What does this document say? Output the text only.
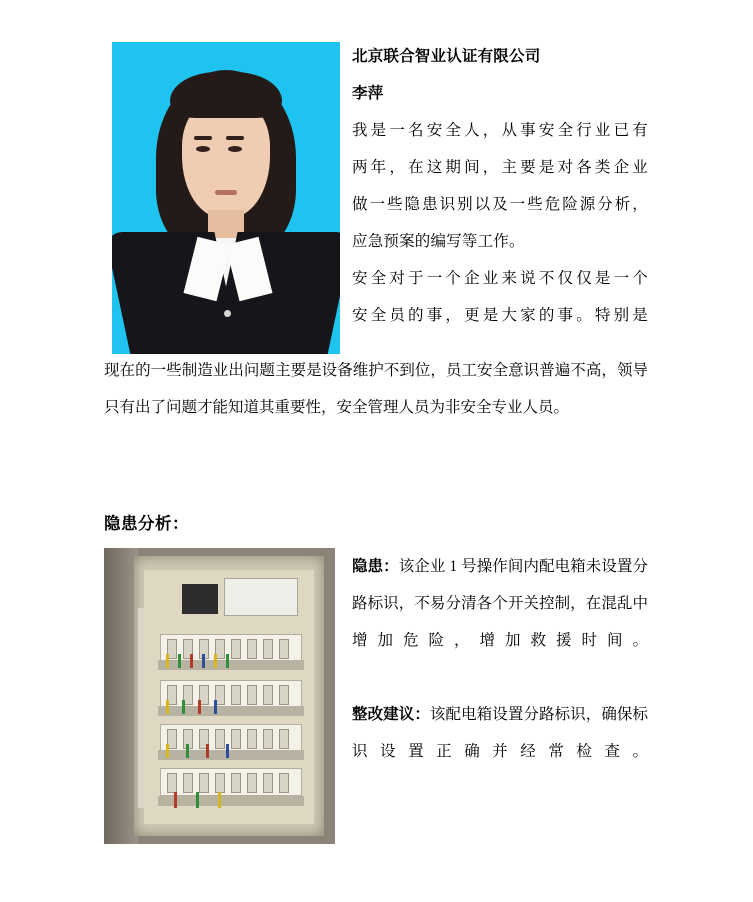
北京联合智业认证有限公司
李萍
我是一名安全人，从事安全行业已有
两年，在这期间，主要是对各类企业
做一些隐患识别以及一些危险源分析，
应急预案的编写等工作。
安全对于一个企业来说不仅仅是一个
安全员的事，更是大家的事。特别是

现在的一些制造业出问题主要是设备维护不到位，员工安全意识普遍不高，领导只有出了问题才能知道其重要性，安全管理人员为非安全专业人员。

隐患分析：

隐患：该企业 1 号操作间内配电箱未设置分路标识，不易分清各个开关控制，在混乱中增加危险，增加救援时间。

整改建议：该配电箱设置分路标识，确保标识设置正确并经常检查。
